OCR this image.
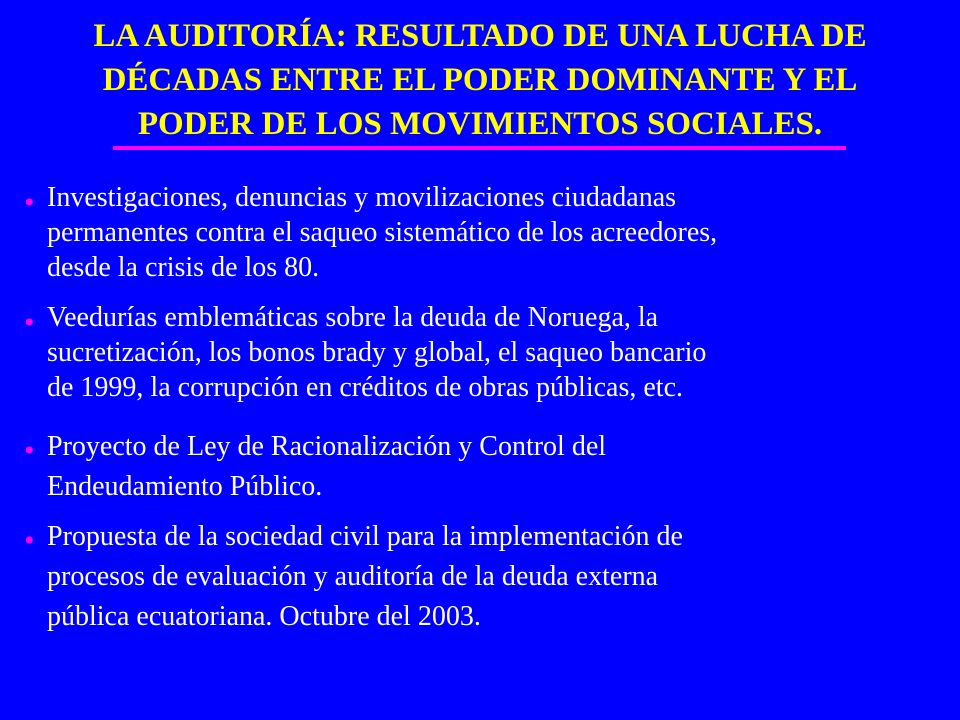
LA AUDITORÍA: RESULTADO DE UNA LUCHA DE
DÉCADAS ENTRE EL PODER DOMINANTE Y EL
PODER DE LOS MOVIMIENTOS SOCIALES.
• Investigaciones, denuncias y movilizaciones ciudadanas
permanentes contra el saqueo sistemático de los acreedores,
desde la crisis de los 80.
• Veedurías emblemáticas sobre la deuda de Noruega, la
sucretización, los bonos brady y global, el saqueo bancario
de 1999, la corrupción en créditos de obras públicas, etc.
• Proyecto de Ley de Racionalización y Control del
Endeudamiento Público.
• Propuesta de la sociedad civil para la implementación de
procesos de evaluación y auditoría de la deuda externa
pública ecuatoriana. Octubre del 2003.
